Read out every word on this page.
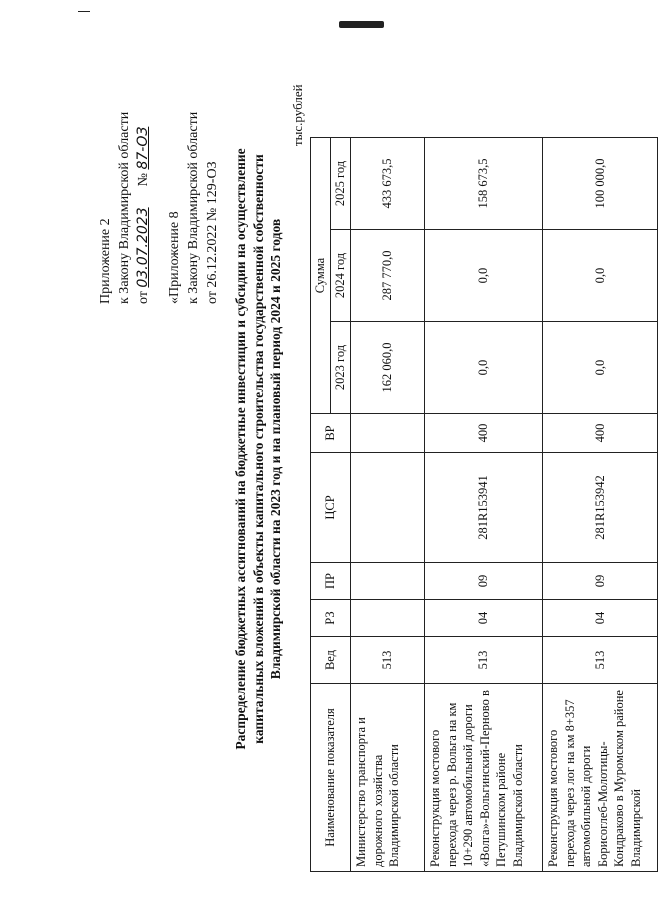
Приложение 2 к Закону Владимирской области от 03.07.2023      № 87-ОЗ
«Приложение 8 к Закону Владимирской области от 26.12.2022 № 129-ОЗ Распределение бюджетных ассигнований на бюджетные инвестиции и субсидии на осуществление капитальных вложений в объекты капитального строительства государственной собственности Владимирской области на 2023 год и на плановый период 2024 и 2025 годов
тыс.рублей
Наименование показателя	Вед	РЗ	ПР	ЦСР	ВР	Сумма		
						2023 год	2024 год	2025 год
Министерство транспорта и дорожного хозяйства Владимирской области	513					162 060,0	287 770,0	433 673,5
Реконструкция мостового перехода через р. Вольга на км 10+290 автомобильной дороги «Волга»-Вольгинский-Перново в Петушинском районе Владимирской области	513	04	09	281R153941	400	0,0	0,0	158 673,5
Реконструкция мостового перехода через лог на км 8+357 автомобильной дороги Борисоглеб-Молотицы-Кондраково в Муромском районе Владимирской	513	04	09	281R153942	400	0,0	0,0	100 000,0
